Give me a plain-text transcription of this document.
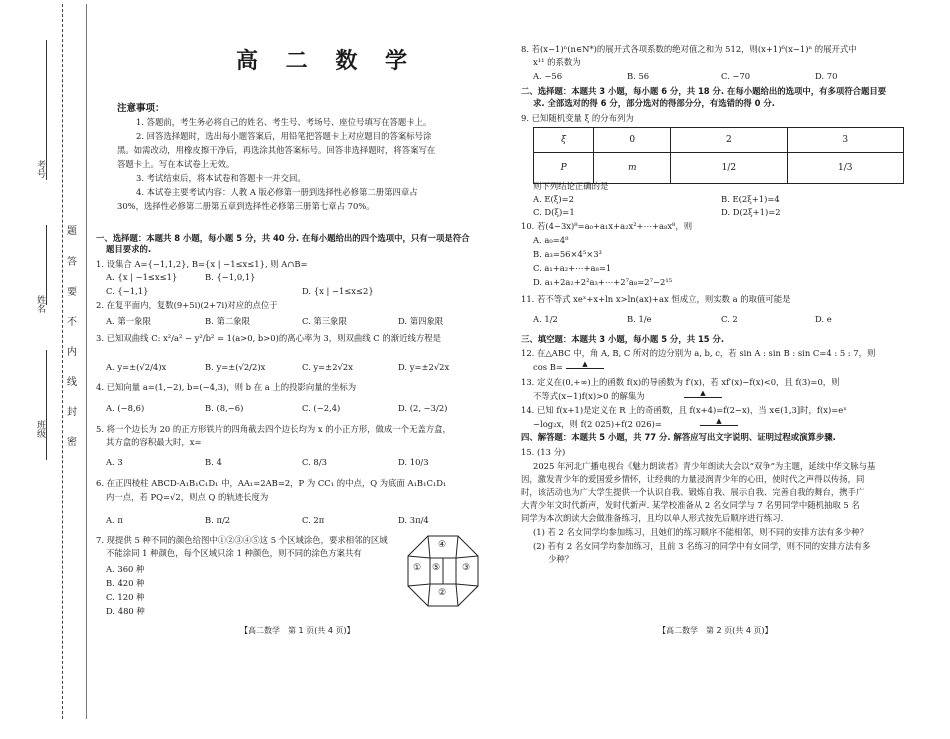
考号
姓名
班级
题
答
要
不
内
线
封
密
高 二 数 学
注意事项：
1. 答题前，考生务必将自己的姓名、考生号、考场号、座位号填写在答题卡上。
2. 回答选择题时，选出每小题答案后，用铅笔把答题卡上对应题目的答案标号涂
黑。如需改动，用橡皮擦干净后，再选涂其他答案标号。回答非选择题时，将答案写在
答题卡上。写在本试卷上无效。
3. 考试结束后，将本试卷和答题卡一并交回。
4. 本试卷主要考试内容：人教 A 版必修第一册到选择性必修第二册第四章占
30%，选择性必修第二册第五章到选择性必修第三册第七章占 70%。
一、选择题：本题共 8 小题，每小题 5 分，共 40 分. 在每小题给出的四个选项中，只有一项是符合
题目要求的.
1. 设集合 A={−1,1,2}, B={x | −1≤x≤1}, 则 A∩B=
A. {x | −1≤x≤1}	B. {−1,0,1}
C. {−1,1}	D. {x | −1≤x≤2}
2. 在复平面内，复数(9+5i)(2+7i)对应的点位于
A. 第一象限	B. 第二象限	C. 第三象限	D. 第四象限
3. 已知双曲线 C: x²/a² − y²/b² = 1(a>0, b>0)的离心率为 3，则双曲线 C 的渐近线方程是
A. y=±(√2/4)x	B. y=±(√2/2)x	C. y=±2√2x	D. y=±2√2x
4. 已知向量 a=(1,−2), b=(−4,3)，则 b 在 a 上的投影向量的坐标为
A. (−8,6)	B. (8,−6)	C. (−2,4)	D. (2, −3/2)
5. 将一个边长为 20 的正方形铁片的四角截去四个边长均为 x 的小正方形，做成一个无盖方盒，
其方盒的容积最大时，x=
A. 3	B. 4	C. 8/3	D. 10/3
6. 在正四棱柱 ABCD-A₁B₁C₁D₁ 中，AA₁=2AB=2，P 为 CC₁ 的中点，Q 为底面 A₁B₁C₁D₁
内一点，若 PQ=√2，则点 Q 的轨迹长度为
A. π	B. π/2	C. 2π	D. 3π/4
7. 现提供 5 种不同的颜色给图中①②③④⑤这 5 个区域涂色，要求相邻的区域
不能涂同 1 种颜色，每个区域只涂 1 种颜色，则不同的涂色方案共有
A. 360 种
B. 420 种
C. 120 种
D. 480 种
④
① ⑤ ③
②
【高二数学　第 1 页(共 4 页)】
8. 若(x−1)ⁿ(n∈N*)的展开式各项系数的绝对值之和为 512，则(x+1)⁶(x−1)ⁿ 的展开式中
x¹¹ 的系数为
A. −56	B. 56	C. −70	D. 70
二、选择题：本题共 3 小题，每小题 6 分，共 18 分. 在每小题给出的选项中，有多项符合题目要
求. 全部选对的得 6 分，部分选对的得部分分，有选错的得 0 分.
9. 已知随机变量 ξ 的分布列为
ξ	0	2	3
P	m	1/2	1/3
则下列结论正确的是
A. E(ξ)=2	B. E(2ξ+1)=4
C. D(ξ)=1	D. D(2ξ+1)=2
10. 若(4−3x)⁸=a₀+a₁x+a₂x²+⋯+a₈x⁸，则
A. a₀=4⁸
B. a₃=56×4⁵×3³
C. a₁+a₂+⋯+a₈=1
D. a₁+2a₂+2²a₃+⋯+2⁷a₈=2⁷−2¹⁵
11. 若不等式 xeˣ+x+ln x>ln(ax)+ax 恒成立，则实数 a 的取值可能是
A. 1/2	B. 1/e	C. 2	D. e
三、填空题：本题共 3 小题，每小题 5 分，共 15 分.
12. 在△ABC 中，角 A, B, C 所对的边分别为 a, b, c，若 sin A : sin B : sin C=4 : 5 : 7，则
cos B=	▲
13. 定义在(0,+∞)上的函数 f(x)的导函数为 f′(x)，若 xf′(x)−f(x)<0，且 f(3)=0，则
不等式(x−1)f(x)>0 的解集为	▲
14. 已知 f(x+1)是定义在 R 上的奇函数，且 f(x+4)=f(2−x)，当 x∈(1,3]时，f(x)=eˣ
−log₂x，则 f(2 025)+f(2 026)=	▲
四、解答题：本题共 5 小题，共 77 分. 解答应写出文字说明、证明过程或演算步骤.
15. (13 分)
2025 年河北广播电视台《魅力朗读者》青少年朗读大会以“双争”为主题，延续中华文脉与基
因，激发青少年的爱国爱乡情怀，让经典的力量浸润青少年的心田，使时代之声得以传扬，同
时，该活动也为广大学生提供一个认识自我、锻炼自我、展示自我、完善自我的舞台，携手广
大青少年文时代新声，发时代新声. 某学校准备从 2 名女同学与 7 名男同学中随机抽取 5 名
同学为本次朗读大会做准备练习，且均以单人形式按先后顺序进行练习.
(1) 若 2 名女同学均参加练习，且她们的练习顺序不能相邻，则不同的安排方法有多少种？
(2) 若有 2 名女同学均参加练习，且前 3 名练习的同学中有女同学，则不同的安排方法有多
少种？
【高二数学　第 2 页(共 4 页)】
